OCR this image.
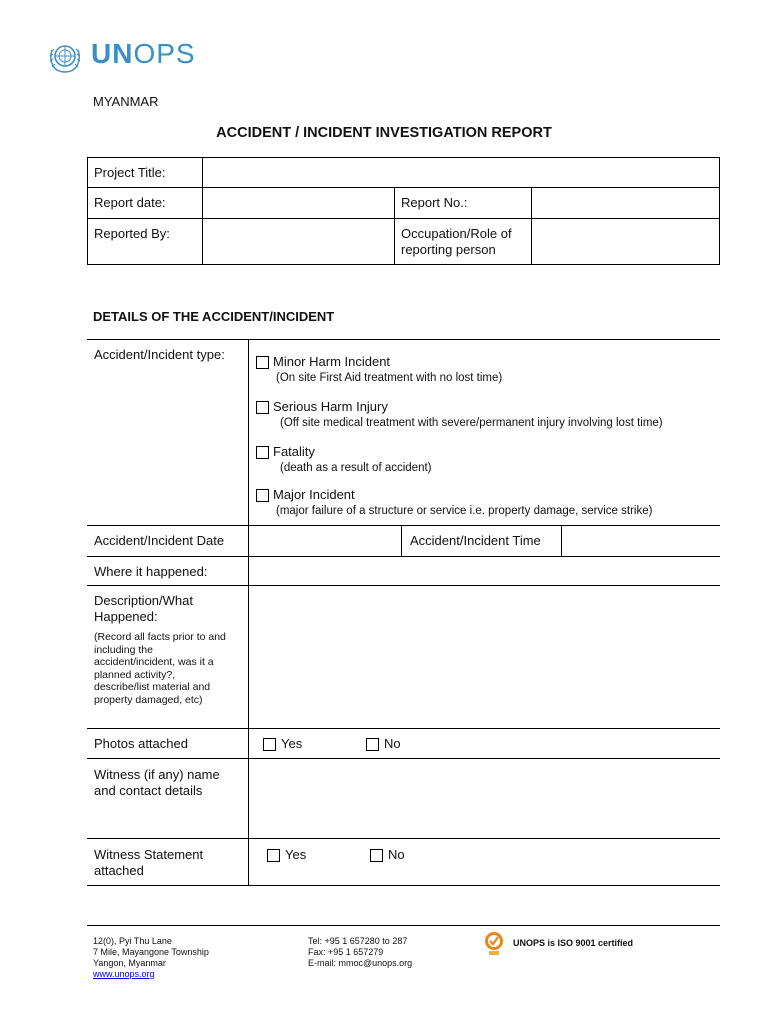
UNOPS
MYANMAR
ACCIDENT / INCIDENT INVESTIGATION REPORT
Project Title:
Report date:	Report No.:
Reported By:	Occupation/Role of
reporting person
DETAILS OF THE ACCIDENT/INCIDENT
Accident/Incident type:	Minor Harm Incident
(On site First Aid treatment with no lost time)
Serious Harm Injury
(Off site medical treatment with severe/permanent injury involving lost time)
Fatality
(death as a result of accident)
Major Incident
(major failure of a structure or service i.e. property damage, service strike)
Accident/Incident Date	Accident/Incident Time
Where it happened:
Description/What
Happened:
(Record all facts prior to and
including the
accident/incident, was it a
planned activity?,
describe/list material and
property damaged, etc)
Photos attached	Yes	No
Witness (if any) name
and contact details
Witness Statement
attached
Yes	No
12(0), Pyi Thu Lane
7 Mile, Mayangone Township
Yangon, Myanmar
www.unops.org
Tel: +95 1 657280 to 287
Fax: +95 1 657279
E-mail: mmoc@unops.org
UNOPS is ISO 9001 certified
